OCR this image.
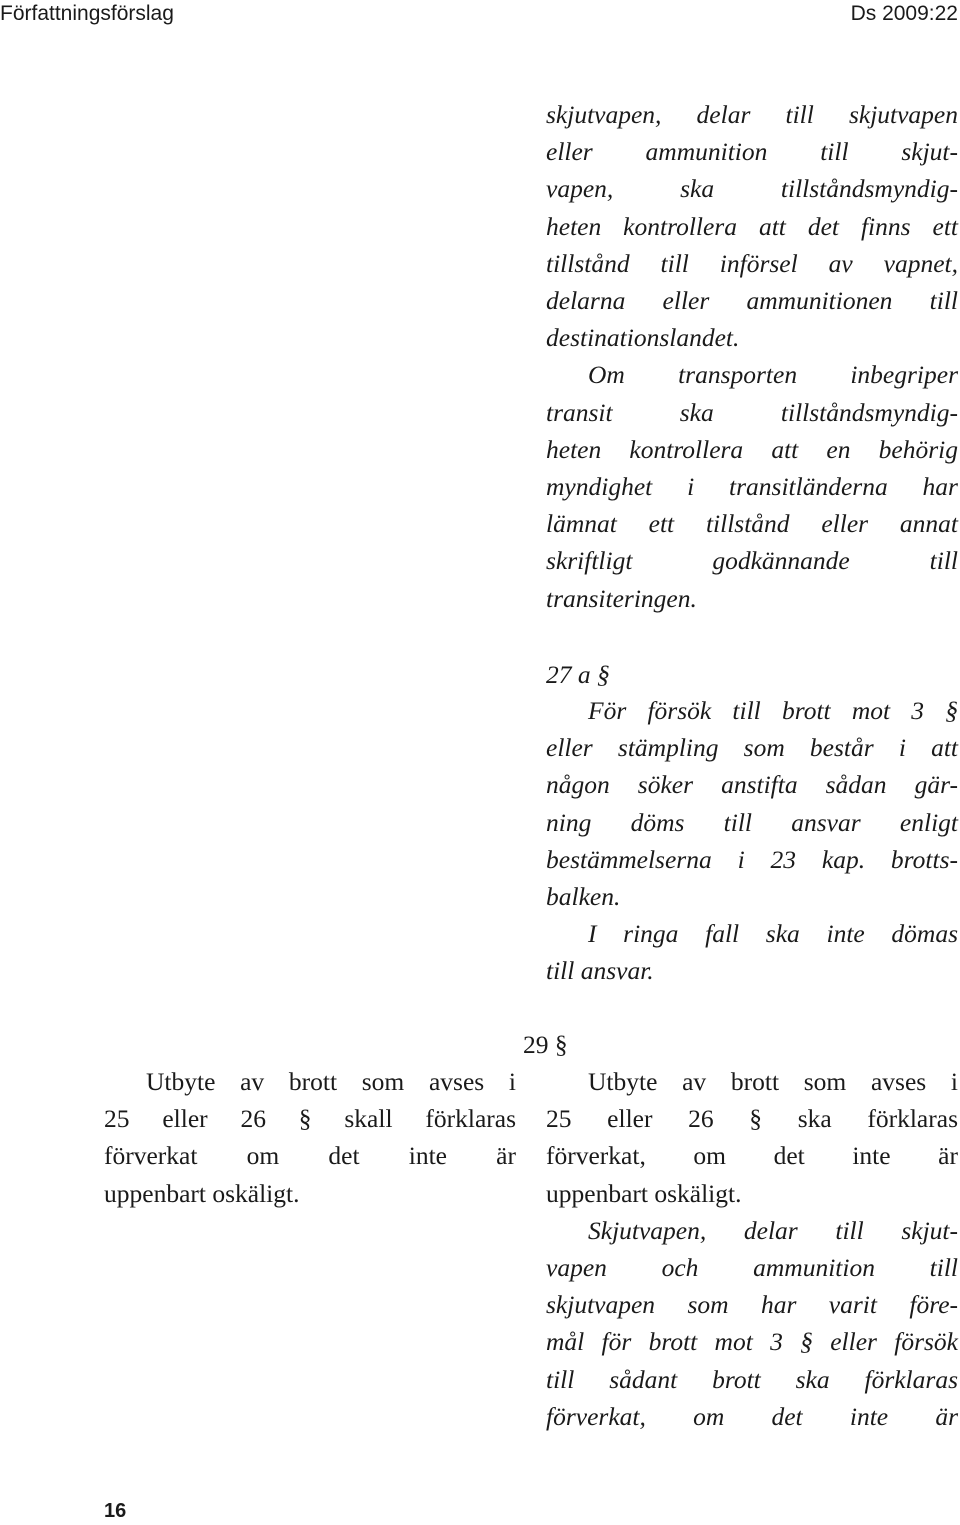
Författningsförslag	Ds 2009:22
skjutvapen, delar till skjutvapen
eller ammunition till skjut-
vapen, ska tillståndsmyndig-
heten kontrollera att det finns ett
tillstånd till införsel av vapnet,
delarna eller ammunitionen till
destinationslandet.
Om transporten inbegriper
transit ska tillståndsmyndig-
heten kontrollera att en behörig
myndighet i transitländerna har
lämnat ett tillstånd eller annat
skriftligt godkännande till
transiteringen.
27 a §
För försök till brott mot 3 §
eller stämpling som består i att
någon söker anstifta sådan gär-
ning döms till ansvar enligt
bestämmelserna i 23 kap. brotts-
balken.
I ringa fall ska inte dömas
till ansvar.
29 §
Utbyte av brott som avses i
25 eller 26 § skall förklaras
förverkat om det inte är
uppenbart oskäligt.
Utbyte av brott som avses i
25 eller 26 § ska förklaras
förverkat, om det inte är
uppenbart oskäligt.
Skjutvapen, delar till skjut-
vapen och ammunition till
skjutvapen som har varit före-
mål för brott mot 3 § eller försök
till sådant brott ska förklaras
förverkat, om det inte är
16
